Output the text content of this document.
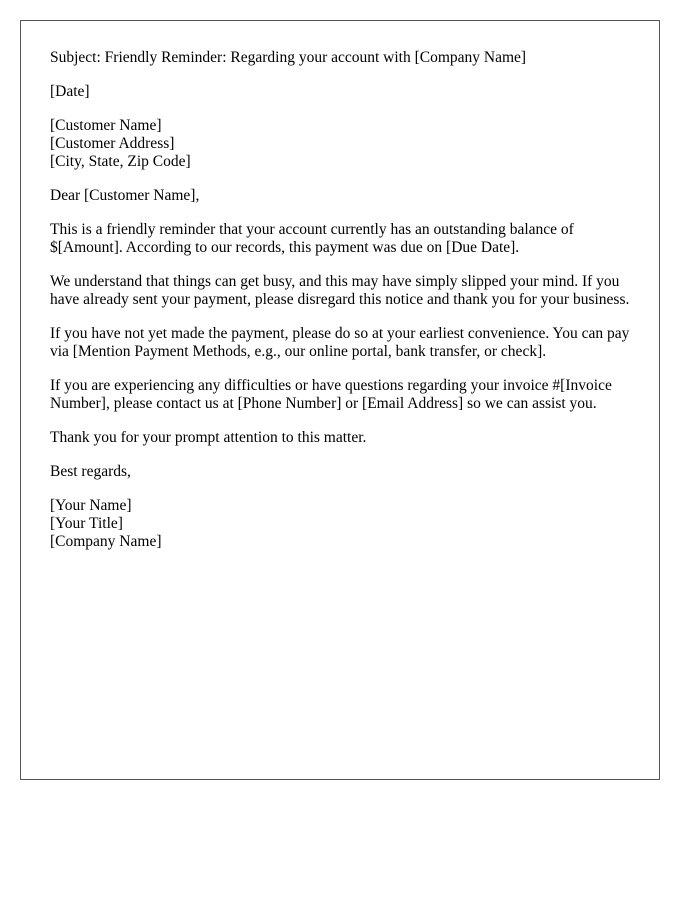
Subject: Friendly Reminder: Regarding your account with [Company Name]

[Date]

[Customer Name]
[Customer Address]
[City, State, Zip Code]

Dear [Customer Name],

This is a friendly reminder that your account currently has an outstanding balance of $[Amount]. According to our records, this payment was due on [Due Date].

We understand that things can get busy, and this may have simply slipped your mind. If you have already sent your payment, please disregard this notice and thank you for your business.

If you have not yet made the payment, please do so at your earliest convenience. You can pay via [Mention Payment Methods, e.g., our online portal, bank transfer, or check].

If you are experiencing any difficulties or have questions regarding your invoice #[Invoice Number], please contact us at [Phone Number] or [Email Address] so we can assist you.

Thank you for your prompt attention to this matter.

Best regards,

[Your Name]
[Your Title]
[Company Name]
